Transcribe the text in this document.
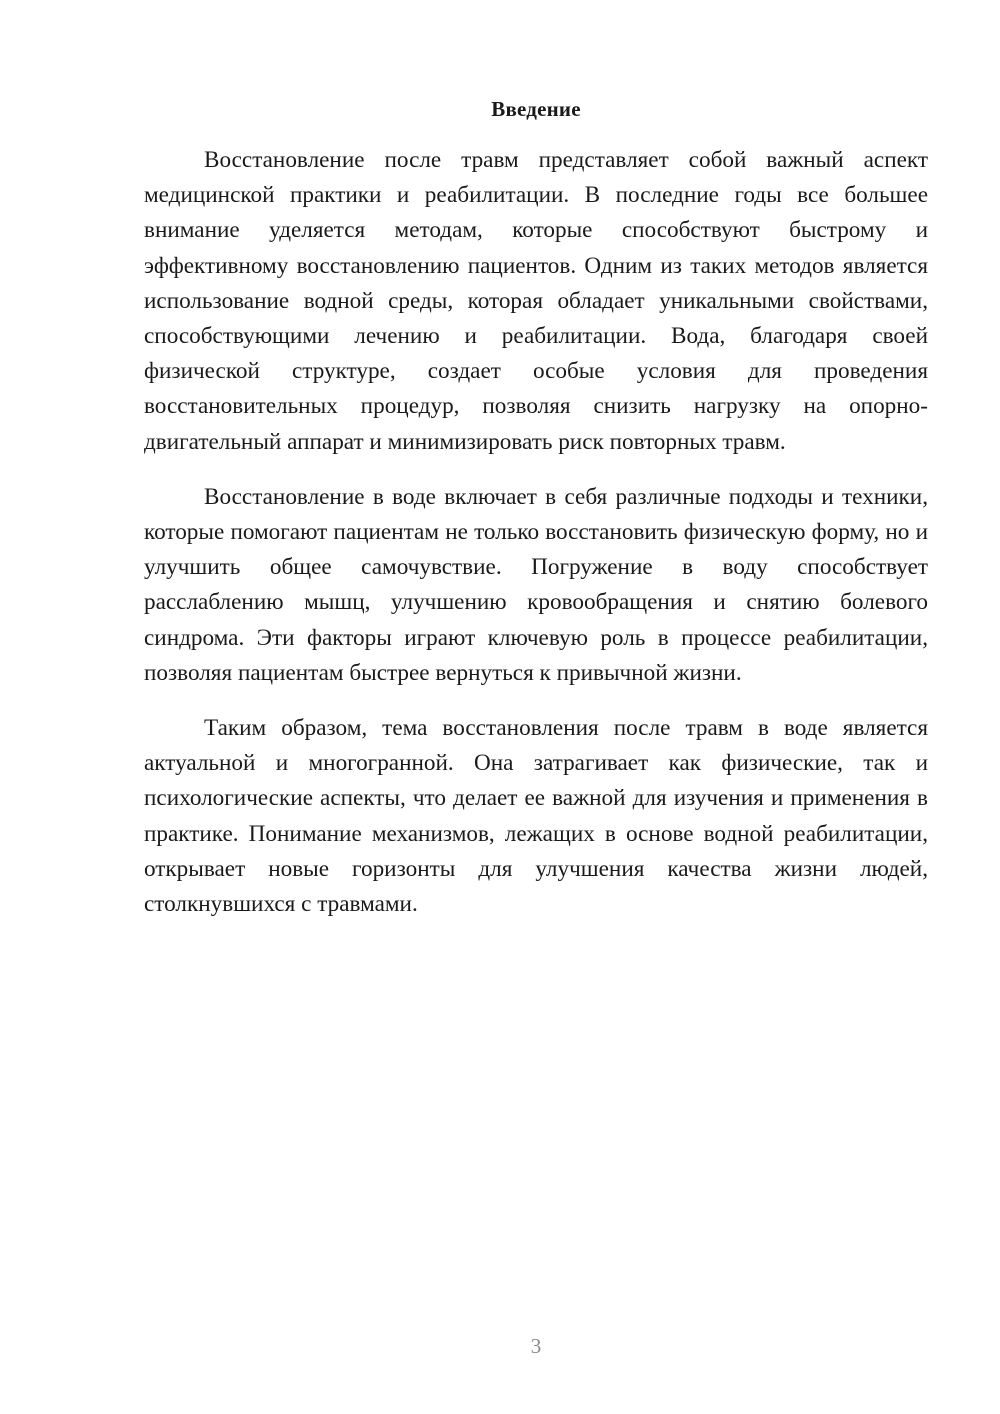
Введение

Восстановление после травм представляет собой важный аспект медицинской практики и реабилитации. В последние годы все большее внимание уделяется методам, которые способствуют быстрому и эффективному восстановлению пациентов. Одним из таких методов является использование водной среды, которая обладает уникальными свойствами, способствующими лечению и реабилитации. Вода, благодаря своей физической структуре, создает особые условия для проведения восстановительных процедур, позволяя снизить нагрузку на опорно-двигательный аппарат и минимизировать риск повторных травм.

Восстановление в воде включает в себя различные подходы и техники, которые помогают пациентам не только восстановить физическую форму, но и улучшить общее самочувствие. Погружение в воду способствует расслаблению мышц, улучшению кровообращения и снятию болевого синдрома. Эти факторы играют ключевую роль в процессе реабилитации, позволяя пациентам быстрее вернуться к привычной жизни.

Таким образом, тема восстановления после травм в воде является актуальной и многогранной. Она затрагивает как физические, так и психологические аспекты, что делает ее важной для изучения и применения в практике. Понимание механизмов, лежащих в основе водной реабилитации, открывает новые горизонты для улучшения качества жизни людей, столкнувшихся с травмами.

3
